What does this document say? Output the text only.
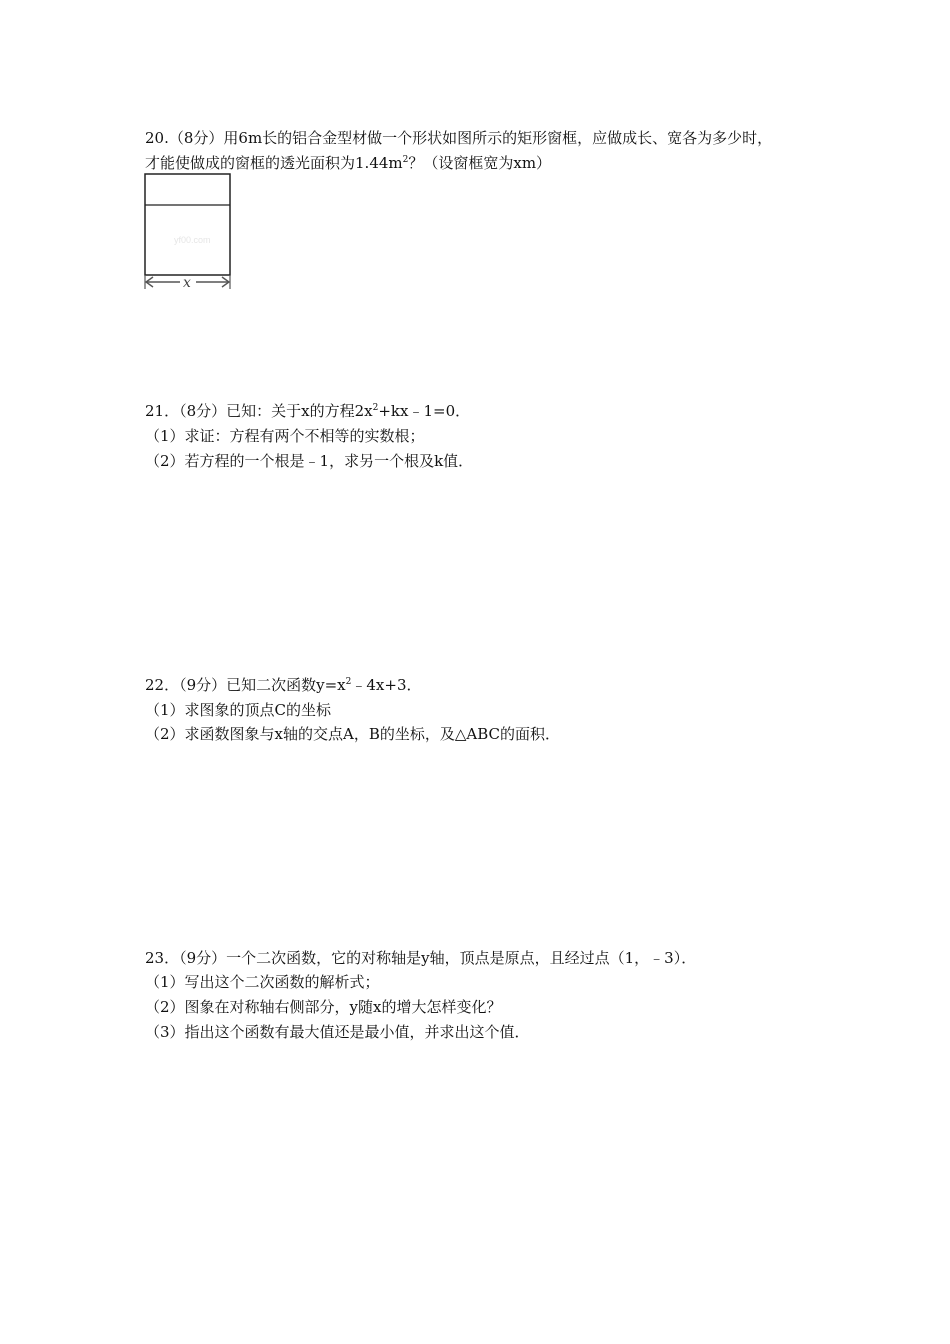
20.（8分）用6m长的铝合金型材做一个形状如图所示的矩形窗框，应做成长、宽各为多少时，
才能使做成的窗框的透光面积为$1.44m^2$？（设窗框宽为xm）
yf00.com
x
21．（8分）已知：关于x的方程$2x^2+kx﹣1=0$．
（1）求证：方程有两个不相等的实数根；
（2）若方程的一个根是﹣1，求另一个根及k值．
22．（9分）已知二次函数$y=x^2﹣4x+3$．
（1）求图象的顶点C的坐标
（2）求函数图象与x轴的交点A，B的坐标，及△ABC的面积．
23．（9分）一个二次函数，它的对称轴是y轴，顶点是原点，且经过点（1，﹣3）．
（1）写出这个二次函数的解析式；
（2）图象在对称轴右侧部分，y随x的增大怎样变化？
（3）指出这个函数有最大值还是最小值，并求出这个值．
